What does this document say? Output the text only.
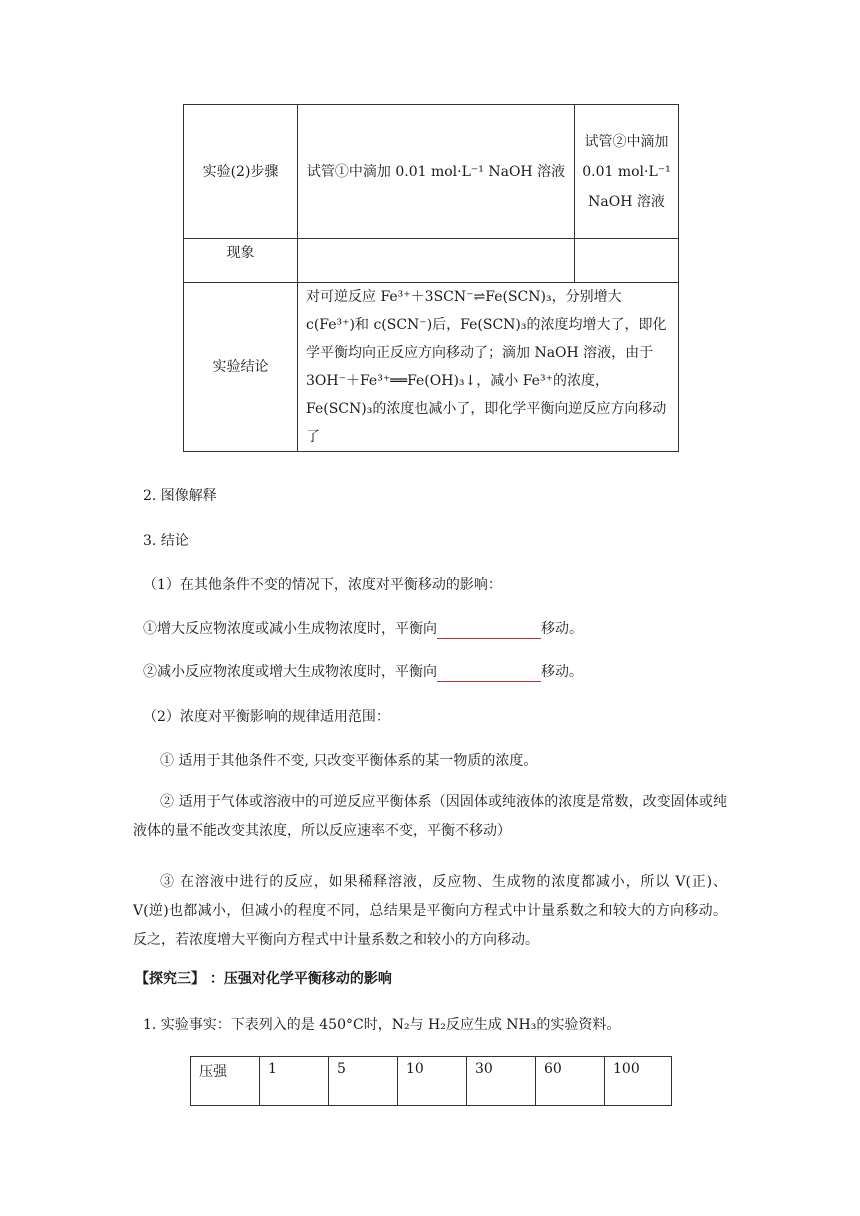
实验(2)步骤	试管①中滴加 0.01 mol·L⁻¹ NaOH 溶液	试管②中滴加 0.01 mol·L⁻¹ NaOH 溶液

现象		

实验结论	对可逆反应 Fe³⁺＋3SCN⁻⇌Fe(SCN)₃，分别增大 c(Fe³⁺)和 c(SCN⁻)后，Fe(SCN)₃的浓度均增大了，即化学平衡均向正反应方向移动了；滴加 NaOH 溶液，由于 3OH⁻＋Fe³⁺══Fe(OH)₃↓，减小 Fe³⁺的浓度，Fe(SCN)₃的浓度也减小了，即化学平衡向逆反应方向移动了	
2. 图像解释
3. 结论
（1）在其他条件不变的情况下，浓度对平衡移动的影响：
①增大反应物浓度或减小生成物浓度时，平衡向	移动。
②减小反应物浓度或增大生成物浓度时，平衡向	移动。
（2）浓度对平衡影响的规律适用范围：
① 适用于其他条件不变, 只改变平衡体系的某一物质的浓度。
② 适用于气体或溶液中的可逆反应平衡体系（因固体或纯液体的浓度是常数，改变固体或纯液体的量不能改变其浓度，所以反应速率不变，平衡不移动）
③ 在溶液中进行的反应，如果稀释溶液，反应物、生成物的浓度都减小，所以 V(正)、V(逆)也都减小，但减小的程度不同，总结果是平衡向方程式中计量系数之和较大的方向移动。反之，若浓度增大平衡向方程式中计量系数之和较小的方向移动。
【探究三】 ：压强对化学平衡移动的影响
1. 实验事实：下表列入的是 450°C时，N₂与 H₂反应生成 NH₃的实验资料。
压强	1	5	10	30	60	100
